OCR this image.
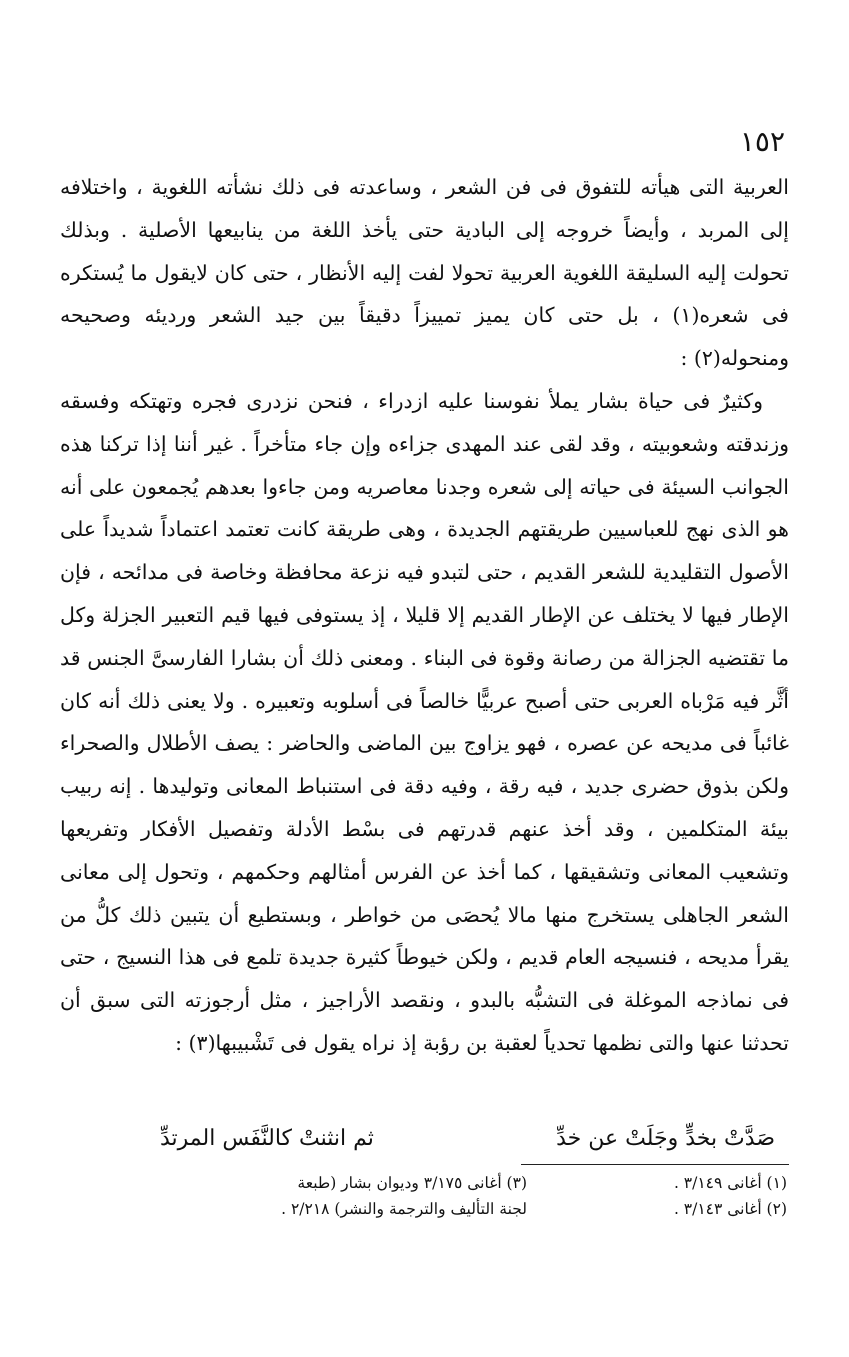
١٥٢

العربية التى هيأته للتفوق فى فن الشعر ، وساعدته فى ذلك نشأته اللغوية ، واختلافه إلى المربد ، وأيضاً خروجه إلى البادية حتى يأخذ اللغة من ينابيعها الأصلية . وبذلك تحولت إليه السليقة اللغوية العربية تحولا لفت إليه الأنظار ، حتى كان لايقول ما يُستكره فى شعره(١) ، بل حتى كان يميز تمييزاً دقيقاً بين جيد الشعر ورديئه وصحيحه ومنحوله(٢) :

وكثيرٌ فى حياة بشار يملأ نفوسنا عليه ازدراء ، فنحن نزدرى فجره وتهتكه وفسقه وزندقته وشعوبيته ، وقد لقى عند المهدى جزاءه وإن جاء متأخراً . غير أننا إذا تركنا هذه الجوانب السيئة فى حياته إلى شعره وجدنا معاصريه ومن جاءوا بعدهم يُجمعون على أنه هو الذى نهج للعباسيين طريقتهم الجديدة ، وهى طريقة كانت تعتمد اعتماداً شديداً على الأصول التقليدية للشعر القديم ، حتى لتبدو فيه نزعة محافظة وخاصة فى مدائحه ، فإن الإطار فيها لا يختلف عن الإطار القديم إلا قليلا ، إذ يستوفى فيها قيم التعبير الجزلة وكل ما تقتضيه الجزالة من رصانة وقوة فى البناء . ومعنى ذلك أن بشارا الفارسىَّ الجنس قد أثَّر فيه مَرْباه العربى حتى أصبح عربيًّا خالصاً فى أسلوبه وتعبيره . ولا يعنى ذلك أنه كان غائباً فى مديحه عن عصره ، فهو يزاوج بين الماضى والحاضر : يصف الأطلال والصحراء ولكن بذوق حضرى جديد ، فيه رقة ، وفيه دقة فى استنباط المعانى وتوليدها . إنه ربيب بيئة المتكلمين ، وقد أخذ عنهم قدرتهم فى بسْط الأدلة وتفصيل الأفكار وتفريعها وتشعيب المعانى وتشقيقها ، كما أخذ عن الفرس أمثالهم وحكمهم ، وتحول إلى معانى الشعر الجاهلى يستخرج منها مالا يُحصَى من خواطر ، وبستطيع أن يتبين ذلك كلُّ من يقرأ مديحه ، فنسيجه العام قديم ، ولكن خيوطاً كثيرة جديدة تلمع فى هذا النسيج ، حتى فى نماذجه الموغلة فى التشبُّه بالبدو ، ونقصد الأراجيز ، مثل أرجوزته التى سبق أن تحدثنا عنها والتى نظمها تحدياً لعقبة بن رؤبة إذ نراه يقول فى تَشْبيبها(٣) :

صَدَّتْ بخدٍّ وجَلَتْ عن خدِّ
ثم انثنتْ كالنَّفَس المرتدِّ
(١) أغانى ٣/١٤٩ .
(٢) أغانى ٣/١٤٣ .
(٣) أغانى ٣/١٧٥ وديوان بشار (طبعة
لجنة التأليف والترجمة والنشر) ٢/٢١٨ .
